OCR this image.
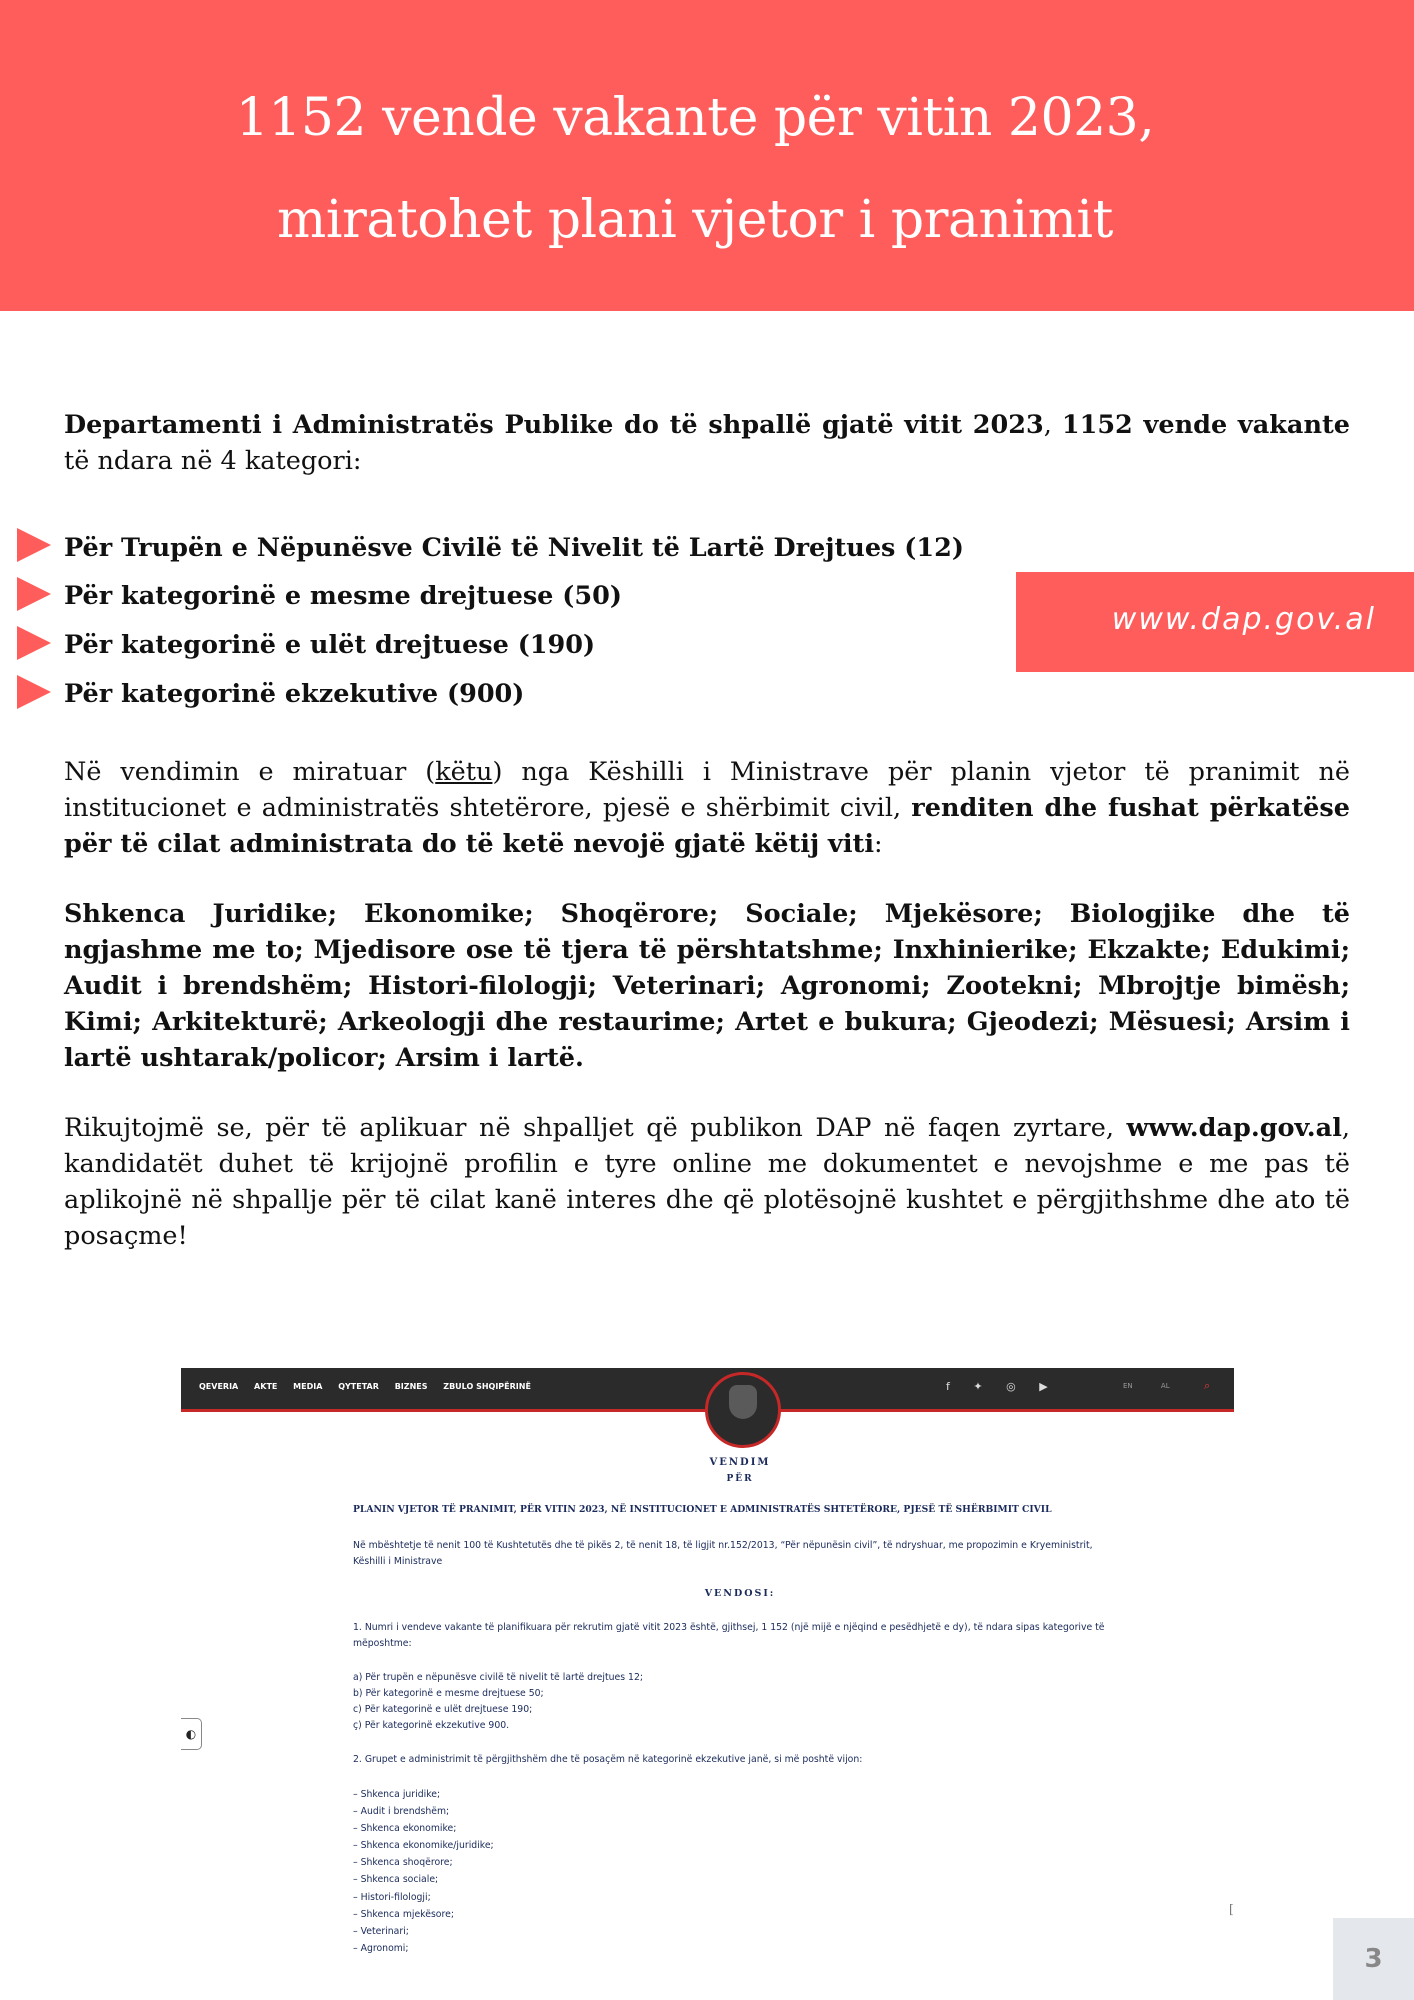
1152 vende vakante për vitin 2023,
miratohet plani vjetor i pranimit
Departamenti i Administratës Publike do të shpallë gjatë vitit 2023, 1152 vende vakante të ndara në 4 kategori:
Për Trupën e Nëpunësve Civilë të Nivelit të Lartë Drejtues (12)
Për kategorinë e mesme drejtuese (50)
Për kategorinë e ulët drejtuese (190)
Për kategorinë ekzekutive (900)
www.dap.gov.al
Në vendimin e miratuar (këtu) nga Këshilli i Ministrave për planin vjetor të pranimit në institucionet e administratës shtetërore, pjesë e shërbimit civil, renditen dhe fushat përkatëse për të cilat administrata do të ketë nevojë gjatë këtij viti:
Shkenca Juridike; Ekonomike; Shoqërore; Sociale; Mjekësore; Biologjike dhe të ngjashme me to; Mjedisore ose të tjera të përshtatshme; Inxhinierike; Ekzakte; Edukimi; Audit i brendshëm; Histori-filologji; Veterinari; Agronomi; Zootekni; Mbrojtje bimësh; Kimi; Arkitekturë; Arkeologji dhe restaurime; Artet e bukura; Gjeodezi; Mësuesi; Arsim i lartë ushtarak/policor; Arsim i lartë.
Rikujtojmë se, për të aplikuar në shpalljet që publikon DAP në faqen zyrtare, www.dap.gov.al, kandidatët duhet të krijojnë profilin e tyre online me dokumentet e nevojshme e me pas të aplikojnë në shpallje për të cilat kanë interes dhe që plotësojnë kushtet e përgjithshme dhe ato të posaçme!
QEVERIA AKTE MEDIA QYTETAR BIZNES ZBULO SHQIPËRINË	f ✦ ◎ ▶	EN	AL	⌕
VENDIM
PËR
PLANIN VJETOR TË PRANIMIT, PËR VITIN 2023, NË INSTITUCIONET E ADMINISTRATËS SHTETËRORE, PJESË TË SHËRBIMIT CIVIL
Në mbështetje të nenit 100 të Kushtetutës dhe të pikës 2, të nenit 18, të ligjit nr.152/2013, “Për nëpunësin civil”, të ndryshuar, me propozimin e Kryeministrit, Këshilli i Ministrave
VENDOSI:
1. Numri i vendeve vakante të planifikuara për rekrutim gjatë vitit 2023 është, gjithsej, 1 152 (një mijë e njëqind e pesëdhjetë e dy), të ndara sipas kategorive të mëposhtme:
a) Për trupën e nëpunësve civilë të nivelit të lartë drejtues 12;
b) Për kategorinë e mesme drejtuese 50;
c) Për kategorinë e ulët drejtuese 190;
ç) Për kategorinë ekzekutive 900.
2. Grupet e administrimit të përgjithshëm dhe të posaçëm në kategorinë ekzekutive janë, si më poshtë vijon:
– Shkenca juridike;
– Audit i brendshëm;
– Shkenca ekonomike;
– Shkenca ekonomike/juridike;
– Shkenca shoqërore;
– Shkenca sociale;
– Histori-filologji;
– Shkenca mjekësore;
– Veterinari;
– Agronomi;
◐
[
3
